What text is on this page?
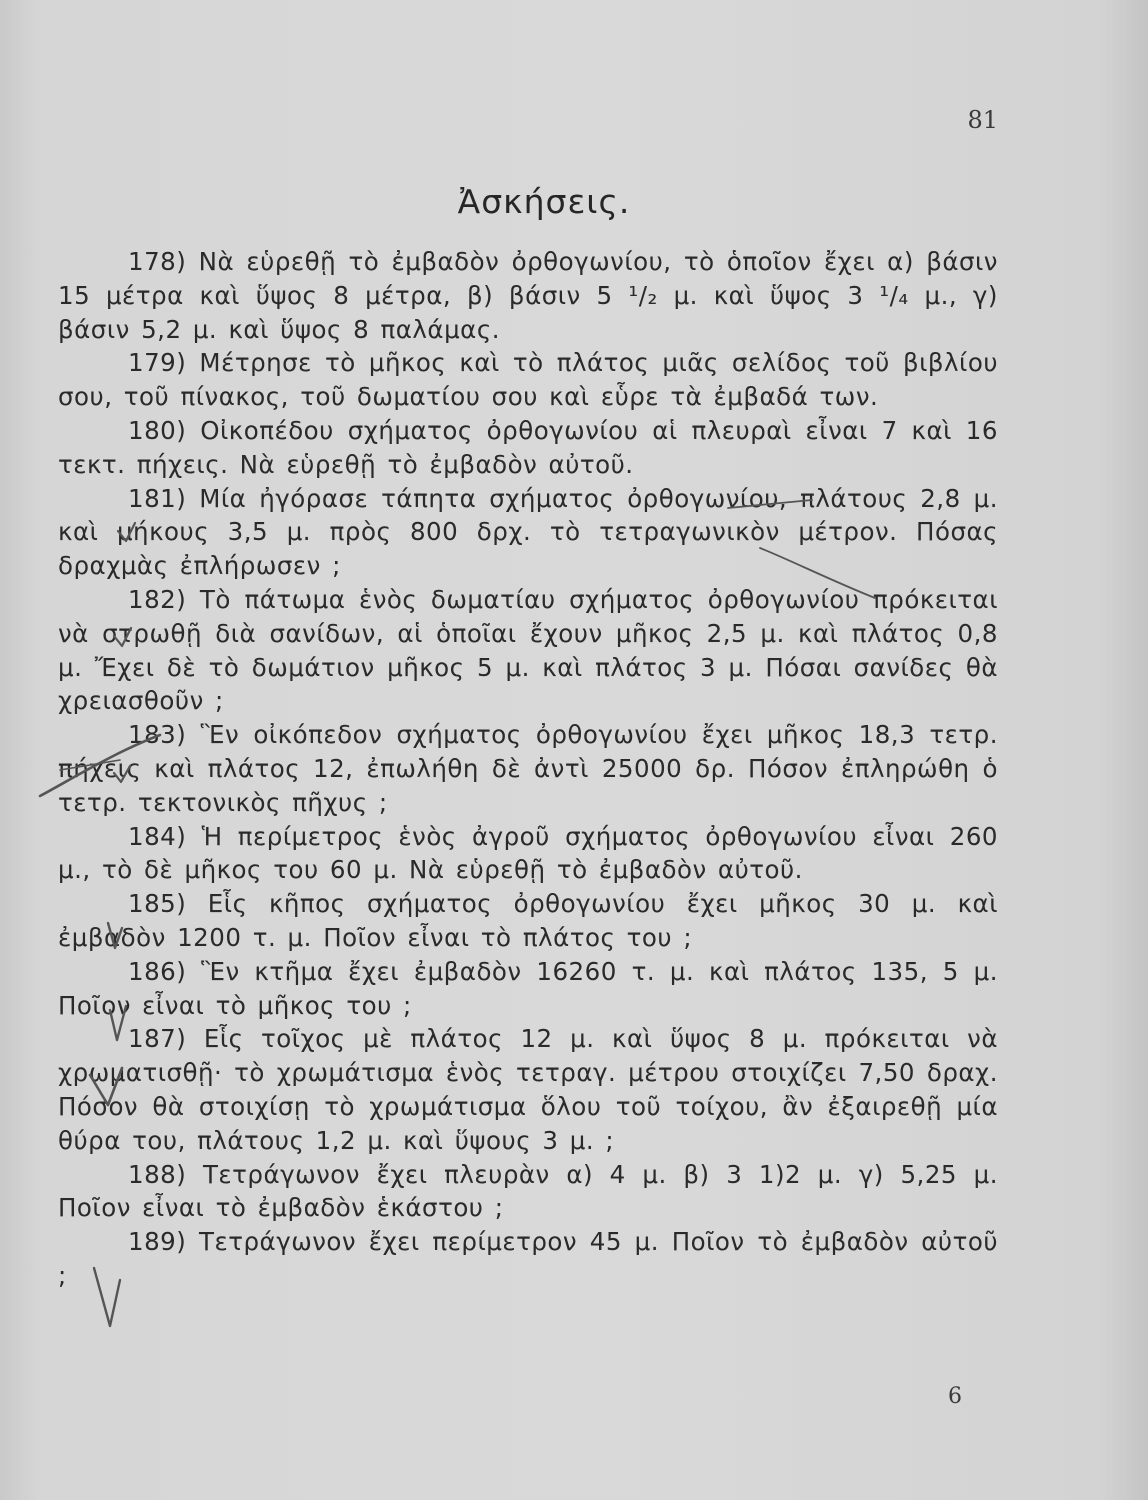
81
Ἀσκήσεις.

178) Νὰ εὑρεθῇ τὸ ἐμβαδὸν ὀρθογωνίου, τὸ ὁποῖον ἔχει α) βάσιν 15 μέτρα καὶ ὕψος 8 μέτρα, β) βάσιν 5 ¹/₂ μ. καὶ ὕψος 3 ¹/₄ μ., γ) βάσιν 5,2 μ. καὶ ὕψος 8 παλάμας.

179) Μέτρησε τὸ μῆκος καὶ τὸ πλάτος μιᾶς σελίδος τοῦ βιβλίου σου, τοῦ πίνακος, τοῦ δωματίου σου καὶ εὗρε τὰ ἐμβαδά των.

180) Οἰκοπέδου σχήματος ὀρθογωνίου αἱ πλευραὶ εἶναι 7 καὶ 16 τεκτ. πήχεις. Νὰ εὑρεθῇ τὸ ἐμβαδὸν αὐτοῦ.

181) Μία ἠγόρασε τάπητα σχήματος ὀρθογωνίου, πλάτους 2,8 μ. καὶ μήκους 3,5 μ. πρὸς 800 δρχ. τὸ τετραγωνικὸν μέτρον. Πόσας δραχμὰς ἐπλήρωσεν ;

182) Τὸ πάτωμα ἑνὸς δωματίαυ σχήματος ὀρθογωνίου πρόκειται νὰ στρωθῇ διὰ σανίδων, αἱ ὁποῖαι ἔχουν μῆκος 2,5 μ. καὶ πλάτος 0,8 μ. Ἔχει δὲ τὸ δωμάτιον μῆκος 5 μ. καὶ πλάτος 3 μ. Πόσαι σανίδες θὰ χρειασθοῦν ;

183) Ἓν οἰκόπεδον σχήματος ὀρθογωνίου ἔχει μῆκος 18,3 τετρ. πήχεις καὶ πλάτος 12, ἐπωλήθη δὲ ἀντὶ 25000 δρ. Πόσον ἐπληρώθη ὁ τετρ. τεκτονικὸς πῆχυς ;

184) Ἡ περίμετρος ἑνὸς ἀγροῦ σχήματος ὀρθογωνίου εἶναι 260 μ., τὸ δὲ μῆκος του 60 μ. Νὰ εὑρεθῇ τὸ ἐμβαδὸν αὐτοῦ.

185) Εἷς κῆπος σχήματος ὀρθογωνίου ἔχει μῆκος 30 μ. καὶ ἐμβαδὸν 1200 τ. μ. Ποῖον εἶναι τὸ πλάτος του ;

186) Ἓν κτῆμα ἔχει ἐμβαδὸν 16260 τ. μ. καὶ πλάτος 135, 5 μ. Ποῖον εἶναι τὸ μῆκος του ;

187) Εἷς τοῖχος μὲ πλάτος 12 μ. καὶ ὕψος 8 μ. πρόκειται νὰ χρωματισθῇ· τὸ χρωμάτισμα ἑνὸς τετραγ. μέτρου στοιχίζει 7,50 δραχ. Πόσον θὰ στοιχίσῃ τὸ χρωμάτισμα ὅλου τοῦ τοίχου, ἂν ἐξαιρεθῇ μία θύρα του, πλάτους 1,2 μ. καὶ ὕψους 3 μ. ;

188) Τετράγωνον ἔχει πλευρὰν α) 4 μ. β) 3 1)2 μ. γ) 5,25 μ. Ποῖον εἶναι τὸ ἐμβαδὸν ἑκάστου ;

189) Τετράγωνον ἔχει περίμετρον 45 μ. Ποῖον τὸ ἐμβαδὸν αὐτοῦ ;

6
